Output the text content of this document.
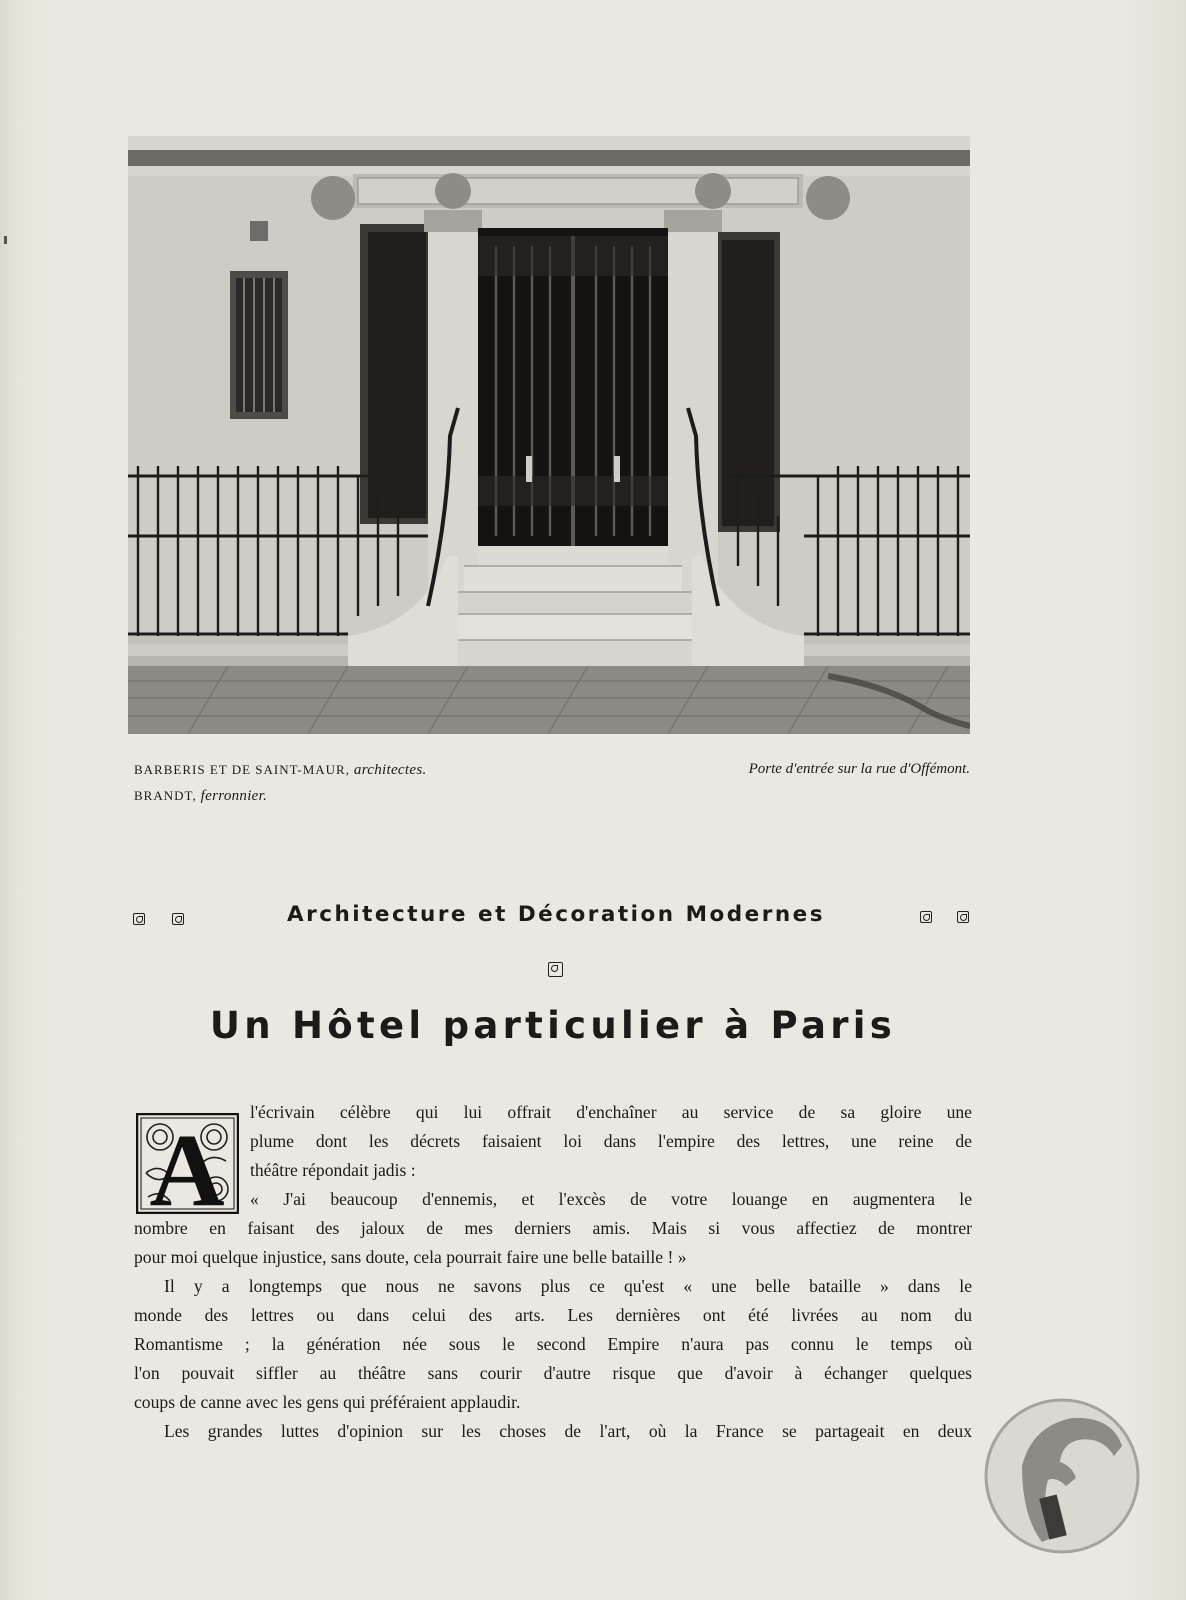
BARBERIS ET DE SAINT-MAUR, architectes.
BRANDT, ferronnier.
Porte d'entrée sur la rue d'Offémont.
Architecture et Décoration Modernes
Un Hôtel particulier à Paris
A
l'écrivain célèbre qui lui offrait d'enchaîner au service de sa gloire une
plume dont les décrets faisaient loi dans l'empire des lettres, une reine de
théâtre répondait jadis :
« J'ai beaucoup d'ennemis, et l'excès de votre louange en augmentera le
nombre en faisant des jaloux de mes derniers amis. Mais si vous affectiez de montrer
pour moi quelque injustice, sans doute, cela pourrait faire une belle bataille ! »
Il y a longtemps que nous ne savons plus ce qu'est « une belle bataille » dans le
monde des lettres ou dans celui des arts. Les dernières ont été livrées au nom du
Romantisme ; la génération née sous le second Empire n'aura pas connu le temps où
l'on pouvait siffler au théâtre sans courir d'autre risque que d'avoir à échanger quelques
coups de canne avec les gens qui préféraient applaudir.
Les grandes luttes d'opinion sur les choses de l'art, où la France se partageait en deux
